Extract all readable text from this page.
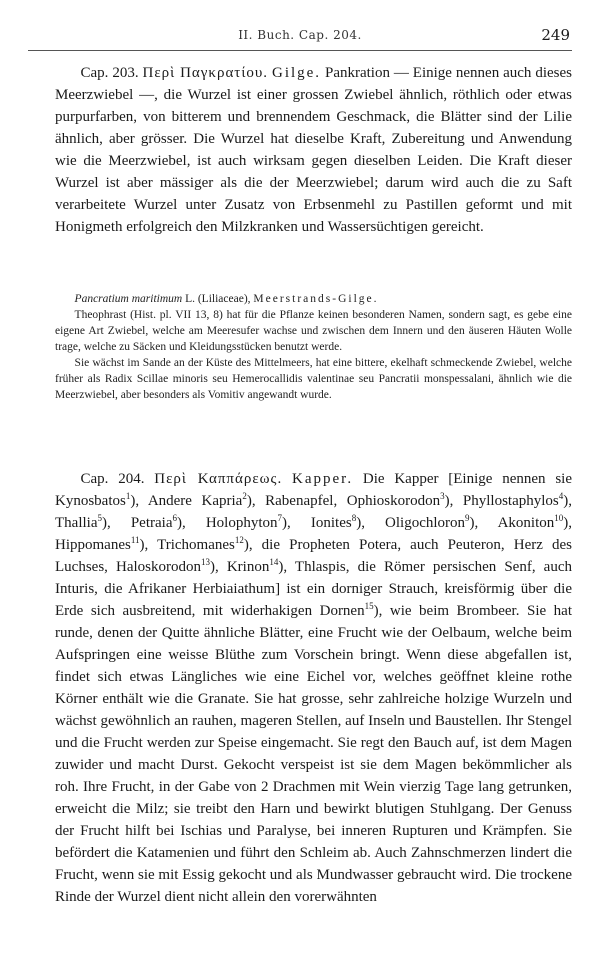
II. Buch. Cap. 204.	249

Cap. 203. Περὶ Παγκρατίου. Gilge. Pankration — Einige nennen auch dieses Meerzwiebel —, die Wurzel ist einer grossen Zwiebel ähnlich, röthlich oder etwas purpurfarben, von bitterem und brennendem Geschmack, die Blätter sind der Lilie ähnlich, aber grösser. Die Wurzel hat dieselbe Kraft, Zubereitung und Anwendung wie die Meerzwiebel, ist auch wirksam gegen dieselben Leiden. Die Kraft dieser Wurzel ist aber mässiger als die der Meerzwiebel; darum wird auch die zu Saft verarbeitete Wurzel unter Zusatz von Erbsenmehl zu Pastillen geformt und mit Honigmeth erfolgreich den Milzkranken und Wassersüchtigen gereicht.

Pancratium maritimum L. (Liliaceae), Meerstrands-Gilge.

Theophrast (Hist. pl. VII 13, 8) hat für die Pflanze keinen besonderen Namen, sondern sagt, es gebe eine eigene Art Zwiebel, welche am Meeresufer wachse und zwischen dem Innern und den äuseren Häuten Wolle trage, welche zu Säcken und Kleidungsstücken benutzt werde.

Sie wächst im Sande an der Küste des Mittelmeers, hat eine bittere, ekelhaft schmeckende Zwiebel, welche früher als Radix Scillae minoris seu Hemerocallidis valentinae seu Pancratii monspessalani, ähnlich wie die Meerzwiebel, aber besonders als Vomitiv angewandt wurde.

Cap. 204. Περὶ Καππάρεως. Kapper. Die Kapper [Einige nennen sie Kynosbatos$^1$), Andere Kapria$^2$), Rabenapfel, Ophioskorodon$^3$), Phyllostaphylos$^4$), Thallia$^5$), Petraia$^6$), Holophyton$^7$), Ionites$^8$), Oligochloron$^9$), Akoniton$^{10}$), Hippomanes$^{11}$), Trichomanes$^{12}$), die Propheten Potera, auch Peuteron, Herz des Luchses, Haloskorodon$^{13}$), Krinon$^{14}$), Thlaspis, die Römer persischen Senf, auch Inturis, die Afrikaner Herbiaiathum] ist ein dorniger Strauch, kreisförmig über die Erde sich ausbreitend, mit widerhakigen Dornen$^{15}$), wie beim Brombeer. Sie hat runde, denen der Quitte ähnliche Blätter, eine Frucht wie der Oelbaum, welche beim Aufspringen eine weisse Blüthe zum Vorschein bringt. Wenn diese abgefallen ist, findet sich etwas Längliches wie eine Eichel vor, welches geöffnet kleine rothe Körner enthält wie die Granate. Sie hat grosse, sehr zahlreiche holzige Wurzeln und wächst gewöhnlich an rauhen, mageren Stellen, auf Inseln und Baustellen. Ihr Stengel und die Frucht werden zur Speise eingemacht. Sie regt den Bauch auf, ist dem Magen zuwider und macht Durst. Gekocht verspeist ist sie dem Magen bekömmlicher als roh. Ihre Frucht, in der Gabe von 2 Drachmen mit Wein vierzig Tage lang getrunken, erweicht die Milz; sie treibt den Harn und bewirkt blutigen Stuhlgang. Der Genuss der Frucht hilft bei Ischias und Paralyse, bei inneren Rupturen und Krämpfen. Sie befördert die Katamenien und führt den Schleim ab. Auch Zahnschmerzen lindert die Frucht, wenn sie mit Essig gekocht und als Mundwasser gebraucht wird. Die trockene Rinde der Wurzel dient nicht allein den vorerwähnten
